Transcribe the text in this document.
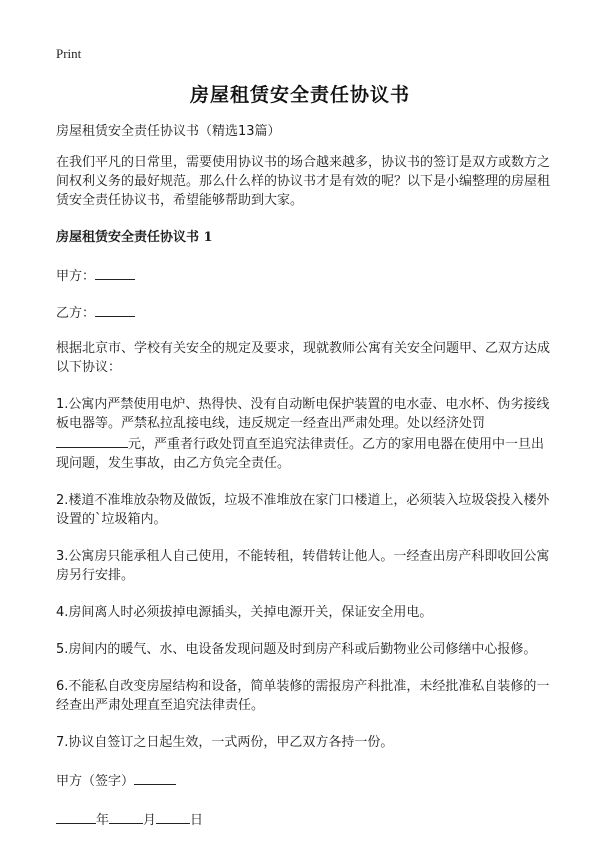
Print
房屋租赁安全责任协议书

房屋租赁安全责任协议书（精选13篇）

在我们平凡的日常里，需要使用协议书的场合越来越多，协议书的签订是双方或数方之间权利义务的最好规范。那么什么样的协议书才是有效的呢？以下是小编整理的房屋租赁安全责任协议书，希望能够帮助到大家。

房屋租赁安全责任协议书 1

甲方：

乙方：

根据北京市、学校有关安全的规定及要求，现就教师公寓有关安全问题甲、乙双方达成以下协议：

1.公寓内严禁使用电炉、热得快、没有自动断电保护装置的电水壶、电水杯、伪劣接线板电器等。严禁私拉乱接电线，违反规定一经查出严肃处理。处以经济处罚元，严重者行政处罚直至追究法律责任。乙方的家用电器在使用中一旦出现问题，发生事故，由乙方负完全责任。

2.楼道不准堆放杂物及做饭，垃圾不准堆放在家门口楼道上，必须装入垃圾袋投入楼外设置的`垃圾箱内。

3.公寓房只能承租人自己使用，不能转租，转借转让他人。一经查出房产科即收回公寓房另行安排。

4.房间离人时必须拔掉电源插头，关掉电源开关，保证安全用电。

5.房间内的暖气、水、电设备发现问题及时到房产科或后勤物业公司修缮中心报修。

6.不能私自改变房屋结构和设备，简单装修的需报房产科批准，未经批准私自装修的一经查出严肃处理直至追究法律责任。

7.协议自签订之日起生效，一式两份，甲乙双方各持一份。

甲方（签字）

年	月	日
